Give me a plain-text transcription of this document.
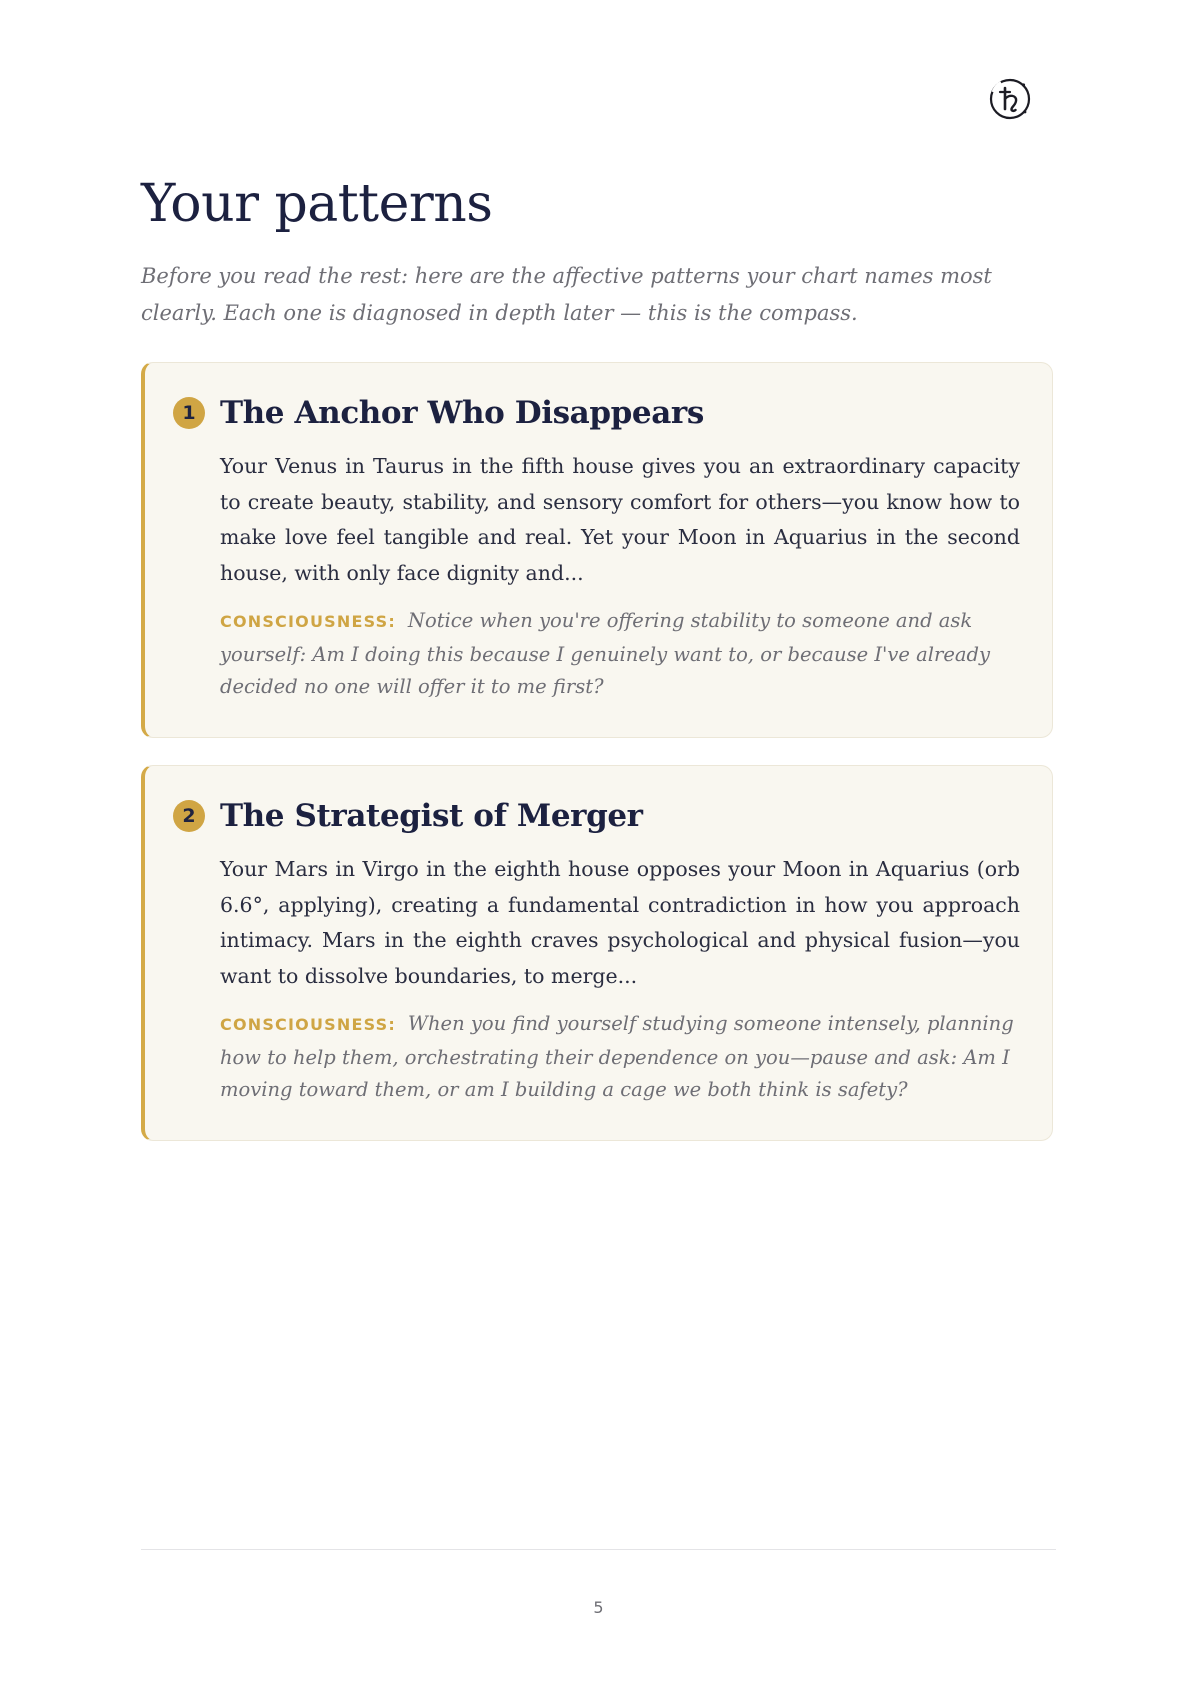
Your patterns

Before you read the rest: here are the affective patterns your chart names most clearly. Each one is diagnosed in depth later — this is the compass.

1 The Anchor Who Disappears

Your Venus in Taurus in the fifth house gives you an extraordinary capacity to create beauty, stability, and sensory comfort for others—you know how to make love feel tangible and real. Yet your Moon in Aquarius in the second house, with only face dignity and...

CONSCIOUSNESS: Notice when you're offering stability to someone and ask yourself: Am I doing this because I genuinely want to, or because I've already decided no one will offer it to me first?

2 The Strategist of Merger

Your Mars in Virgo in the eighth house opposes your Moon in Aquarius (orb 6.6°, applying), creating a fundamental contradiction in how you approach intimacy. Mars in the eighth craves psychological and physical fusion—you want to dissolve boundaries, to merge...

CONSCIOUSNESS: When you find yourself studying someone intensely, planning how to help them, orchestrating their dependence on you—pause and ask: Am I moving toward them, or am I building a cage we both think is safety?

5
